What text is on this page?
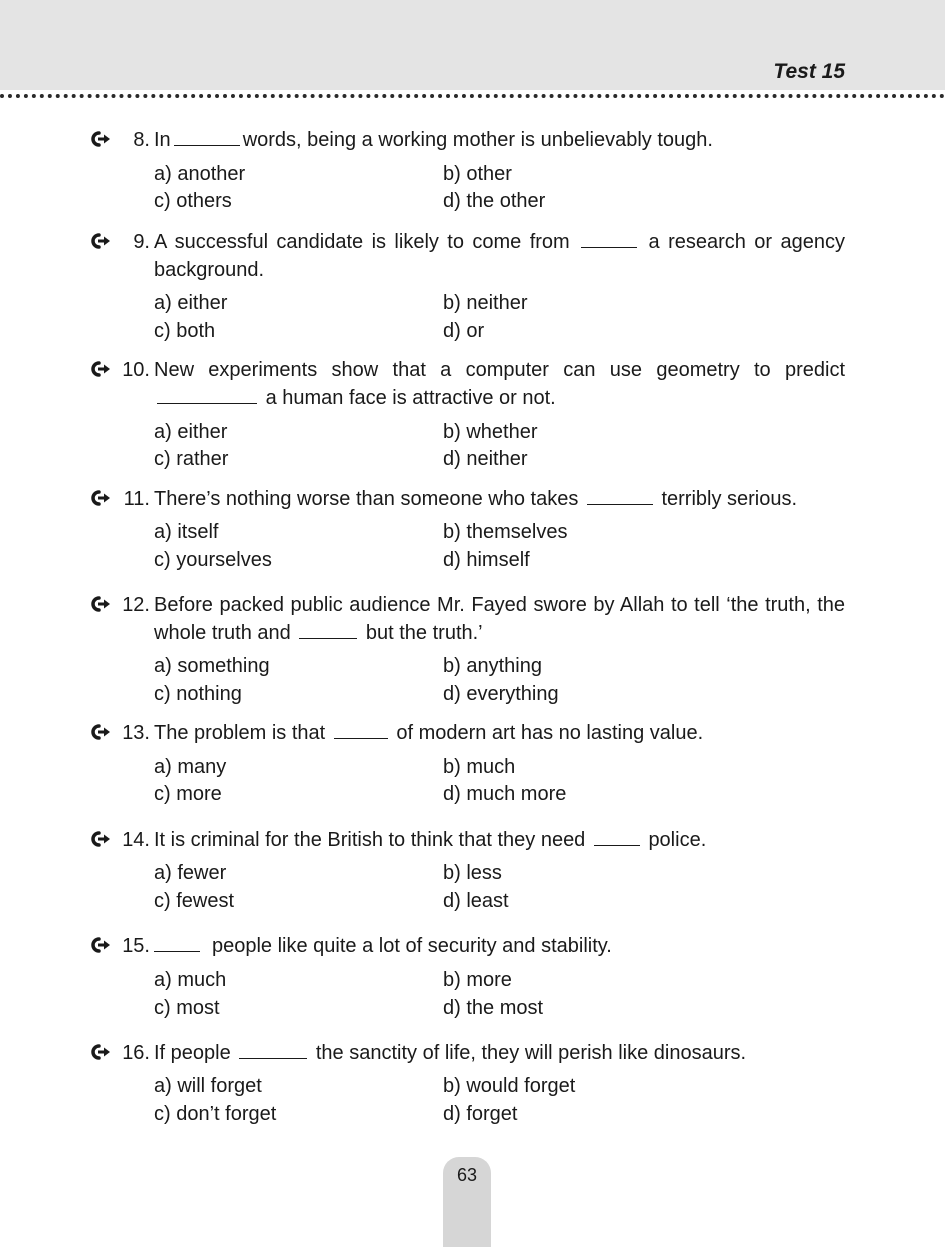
Test 15
8. In	words, being a working mother is unbelievably tough.
a) another	b) other
c) others	d) the other
9. A successful candidate is likely to come from	a research or agency background.
a) either	b) neither
c) both	d) or
10. New experiments show that a computer can use geometry to predict  a human face is attractive or not.
a) either	b) whether
c) rather	d) neither
11. There’s nothing worse than someone who takes	terribly serious.
a) itself	b) themselves
c) yourselves	d) himself
12. Before packed public audience Mr. Fayed swore by Allah to tell ‘the truth, the whole truth and	but the truth.’
a) something	b) anything
c) nothing	d) everything
13. The problem is that	of modern art has no lasting value.
a) many	b) much
c) more	d) much more
14. It is criminal for the British to think that they need	police.
a) fewer	b) less
c) fewest	d) least
15.	people like quite a lot of security and stability.
a) much	b) more
c) most	d) the most
16. If people	the sanctity of life, they will perish like dinosaurs.
a) will forget	b) would forget
c) don’t forget	d) forget
63
